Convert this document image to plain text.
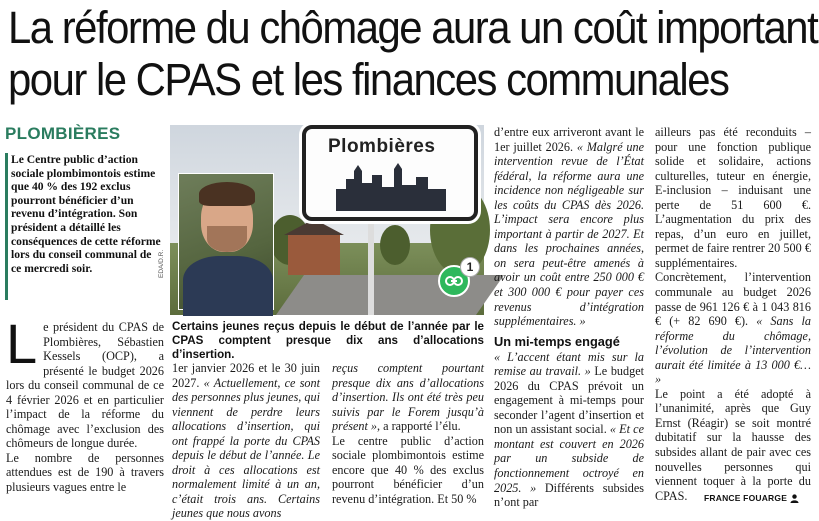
La réforme du chômage aura un coût important
pour le CPAS et les finances communales
PLOMBIÈRES
Le Centre public d’action sociale plombimontois estime que 40 % des 192 exclus pourront bénéficier d’un revenu d’intégration. Son président a détaillé les conséquences de cette réforme lors du conseil communal de ce mercredi soir.
Plombières
1
EDA/D.R.
Certains jeunes reçus depuis le début de l’année par le CPAS comptent presque dix ans d’allocations d’insertion.

Le président du CPAS de Plombières, Sébastien Kessels (OCP), a présenté le budget 2026 lors du conseil communal de ce 4 février 2026 et en particulier l’impact de la réforme du chômage avec l’exclusion des chômeurs de longue durée.

Le nombre de personnes attendues est de 190 à travers plusieurs vagues entre le

1er janvier 2026 et le 30 juin 2027. « Actuellement, ce sont des personnes plus jeunes, qui viennent de perdre leurs allocations d’insertion, qui ont frappé la porte du CPAS depuis le début de l’année. Le droit à ces allocations est normalement limité à un an, c’était trois ans. Certains jeunes que nous avons

reçus comptent pourtant presque dix ans d’allocations d’insertion. Ils ont été très peu suivis par le Forem jusqu’à présent », a rapporté l’élu.

Le centre public d’action sociale plombimontois estime encore que 40 % des exclus pourront bénéficier d’un revenu d’intégration. Et 50 %

d’entre eux arriveront avant le 1er juillet 2026. « Malgré une intervention revue de l’État fédéral, la réforme aura une incidence non négligeable sur les coûts du CPAS dès 2026. L’impact sera encore plus important à partir de 2027. Et dans les prochaines années, on sera peut-être amenés à avoir un coût entre 250 000 € et 300 000 € pour payer ces revenus d’intégration supplémentaires. »

Un mi-temps engagé

« L’accent étant mis sur la remise au travail. » Le budget 2026 du CPAS prévoit un engagement à mi-temps pour seconder l’agent d’insertion et non un assistant social. « Et ce montant est couvert en 2026 par un subside de fonctionnement octroyé en 2025. » Différents subsides n’ont par

ailleurs pas été reconduits – pour une fonction publique solide et solidaire, actions culturelles, tuteur en énergie, E-inclusion – induisant une perte de 51 600 €. L’augmentation du prix des repas, d’un euro en juillet, permet de faire rentrer 20 500 € supplémentaires. Concrètement, l’intervention communale au budget 2026 passe de 961 126 € à 1 043 816 € (+ 82 690 €). « Sans la réforme du chômage, l’évolution de l’intervention aurait été limitée à 13 000 €… »

Le point a été adopté à l’unanimité, après que Guy Ernst (Réagir) se soit montré dubitatif sur la hausse des subsides allant de pair avec ces nouvelles personnes qui viennent toquer à la porte du CPAS.	FRANCE FOUARGE
